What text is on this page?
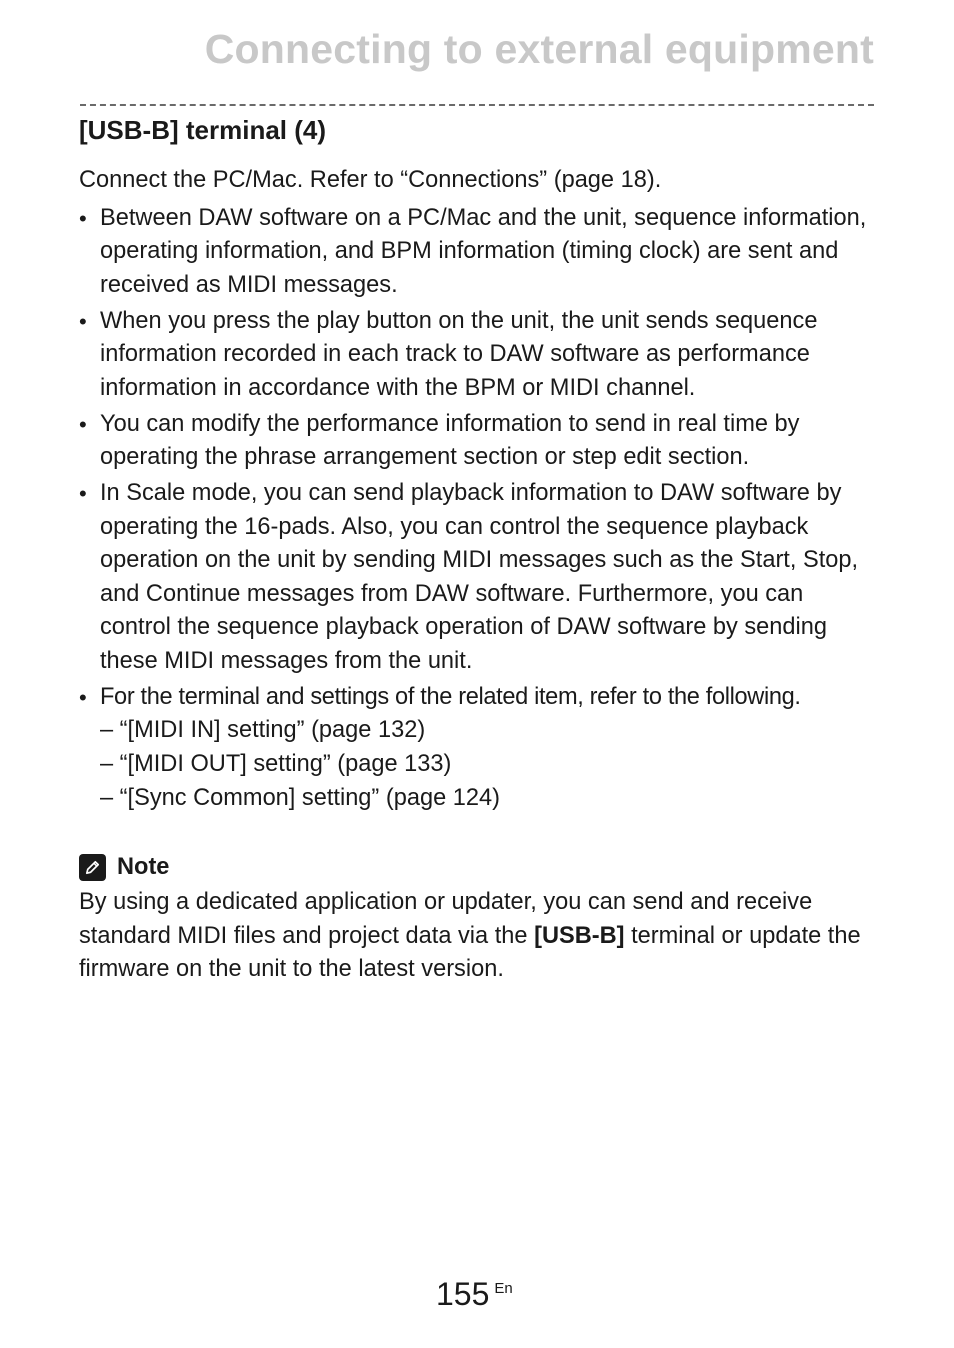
Connecting to external equipment
[USB-B] terminal (4)

Connect the PC/Mac. Refer to “Connections” (page 18).

• Between DAW software on a PC/Mac and the unit, sequence information, operating information, and BPM information (timing clock) are sent and received as MIDI messages.
• When you press the play button on the unit, the unit sends sequence information recorded in each track to DAW software as performance information in accordance with the BPM or MIDI channel.
• You can modify the performance information to send in real time by operating the phrase arrangement section or step edit section.
• In Scale mode, you can send playback information to DAW software by operating the 16-pads. Also, you can control the sequence playback operation on the unit by sending MIDI messages such as the Start, Stop, and Continue messages from DAW software. Furthermore, you can control the sequence playback operation of DAW software by sending these MIDI messages from the unit.
• For the terminal and settings of the related item, refer to the following.
– “[MIDI IN] setting” (page 132)
– “[MIDI OUT] setting” (page 133)
– “[Sync Common] setting” (page 124)
Note

By using a dedicated application or updater, you can send and receive standard MIDI files and project data via the [USB-B] terminal or update the firmware on the unit to the latest version.

155 $^{En}$
